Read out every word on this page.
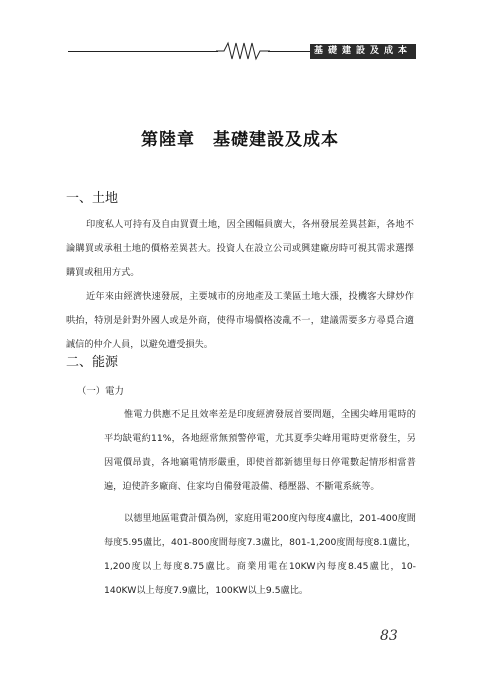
基礎建設及成本
第陸章　基礎建設及成本
一、土地
印度私人可持有及自由買賣土地，因全國幅員廣大，各州發展差異甚鉅，各地不論購買或承租土地的價格差異甚大。投資人在設立公司或興建廠房時可視其需求選擇購買或租用方式。
近年來由經濟快速發展，主要城市的房地產及工業區土地大漲，投機客大肆炒作哄抬，特別是針對外國人或是外商，使得市場價格凌亂不一，建議需要多方尋覓合適誠信的仲介人員，以避免遭受損失。
二、能源
（一）電力
惟電力供應不足且效率差是印度經濟發展首要問題，全國尖峰用電時的平均缺電約11%，各地經常無預警停電，尤其夏季尖峰用電時更常發生，另因電價昂貴，各地竊電情形嚴重，即使首都新德里每日停電數起情形相當普遍，迫使許多廠商、住家均自備發電設備、穩壓器、不斷電系統等。
以德里地區電費計價為例，家庭用電200度內每度4盧比，201-400度間每度5.95盧比，401-800度間每度7.3盧比，801-1,200度間每度8.1盧比，1,200度以上每度8.75盧比。商業用電在10KW內每度8.45盧比，10-140KW以上每度7.9盧比，100KW以上9.5盧比。
83
